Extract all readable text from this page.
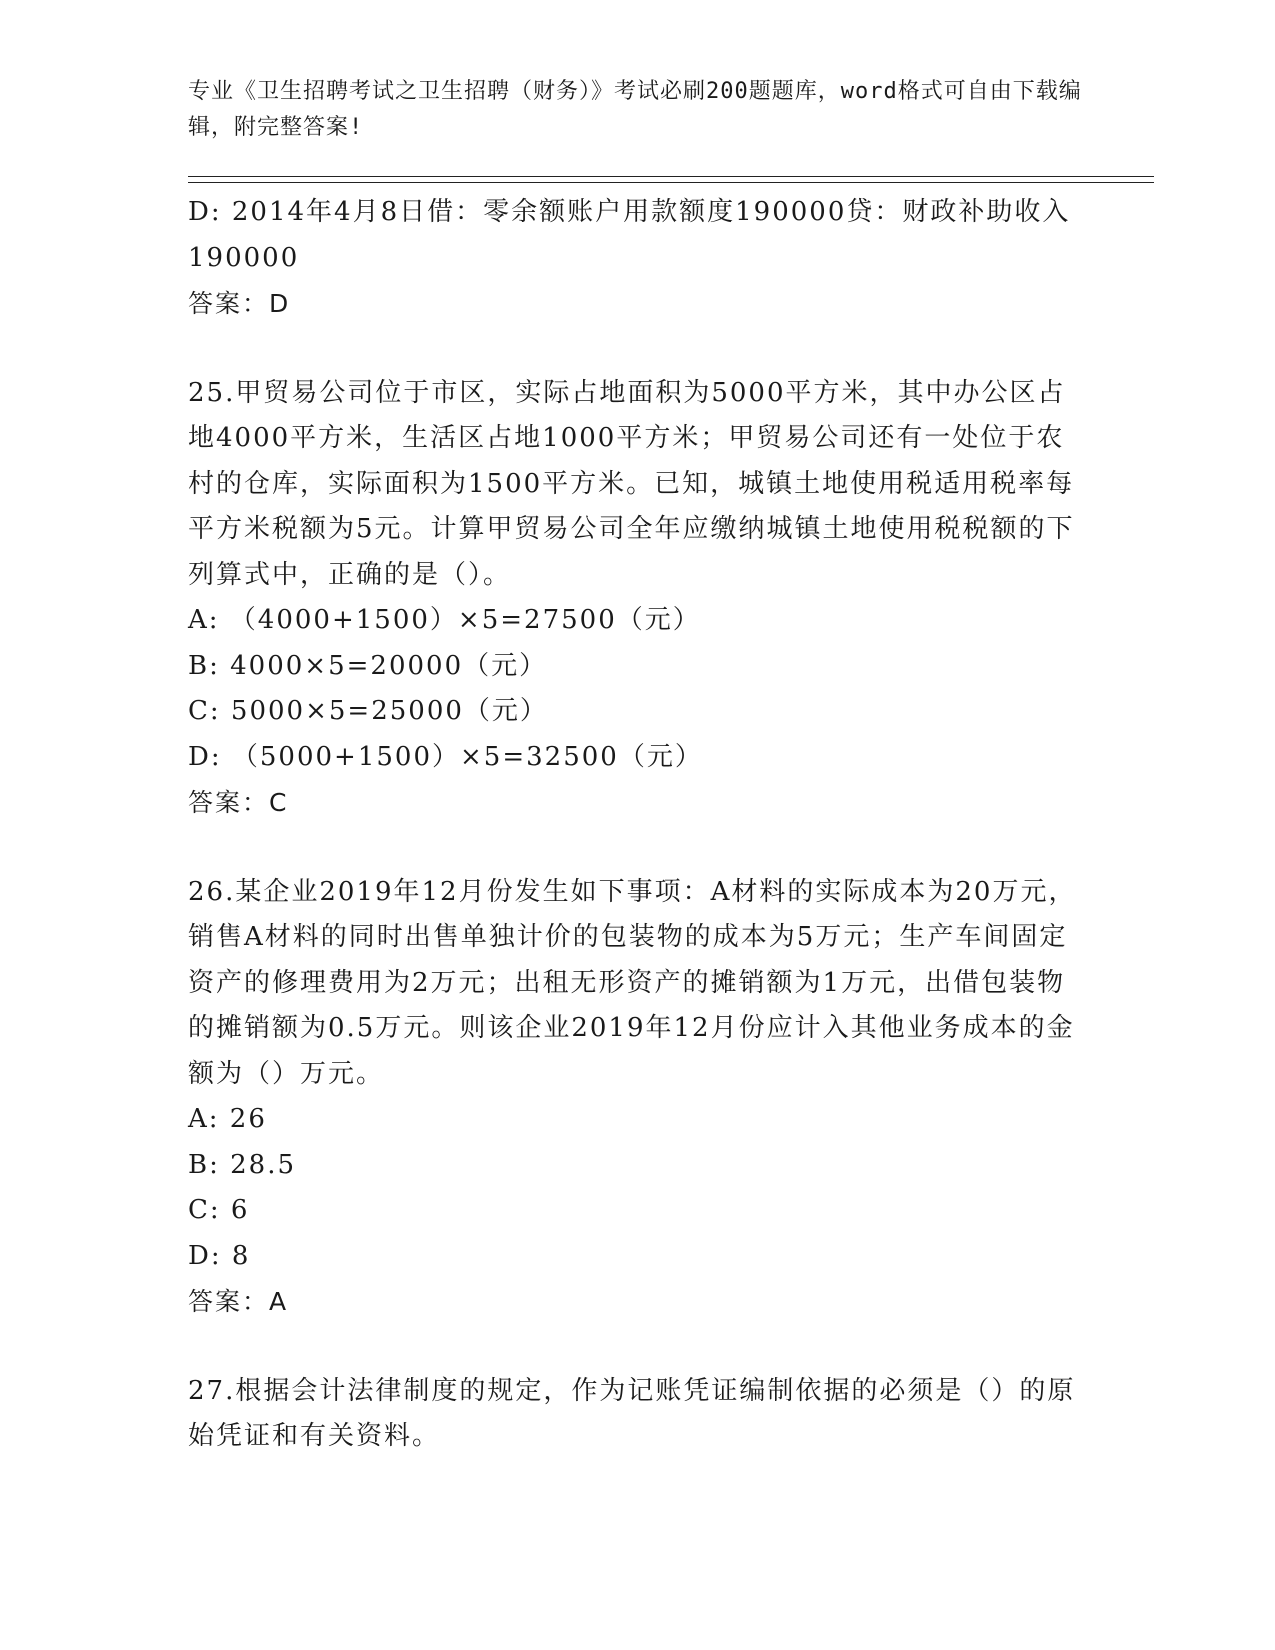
专业《卫生招聘考试之卫生招聘（财务）》考试必刷200题题库，word格式可自由下载编辑，附完整答案!

D: 2014年4月8日借：零余额账户用款额度190000贷：财政补助收入190000

答案：D

25.甲贸易公司位于市区，实际占地面积为5000平方米，其中办公区占地4000平方米，生活区占地1000平方米；甲贸易公司还有一处位于农村的仓库，实际面积为1500平方米。已知，城镇土地使用税适用税率每平方米税额为5元。计算甲贸易公司全年应缴纳城镇土地使用税税额的下列算式中，正确的是（）。

A: （4000+1500）×5=27500（元）

B: 4000×5=20000（元）

C: 5000×5=25000（元）

D: （5000+1500）×5=32500（元）

答案：C

26.某企业2019年12月份发生如下事项：A材料的实际成本为20万元，销售A材料的同时出售单独计价的包装物的成本为5万元；生产车间固定资产的修理费用为2万元；出租无形资产的摊销额为1万元，出借包装物的摊销额为0.5万元。则该企业2019年12月份应计入其他业务成本的金额为（）万元。

A: 26

B: 28.5

C: 6

D: 8

答案：A

27.根据会计法律制度的规定，作为记账凭证编制依据的必须是（）的原始凭证和有关资料。
